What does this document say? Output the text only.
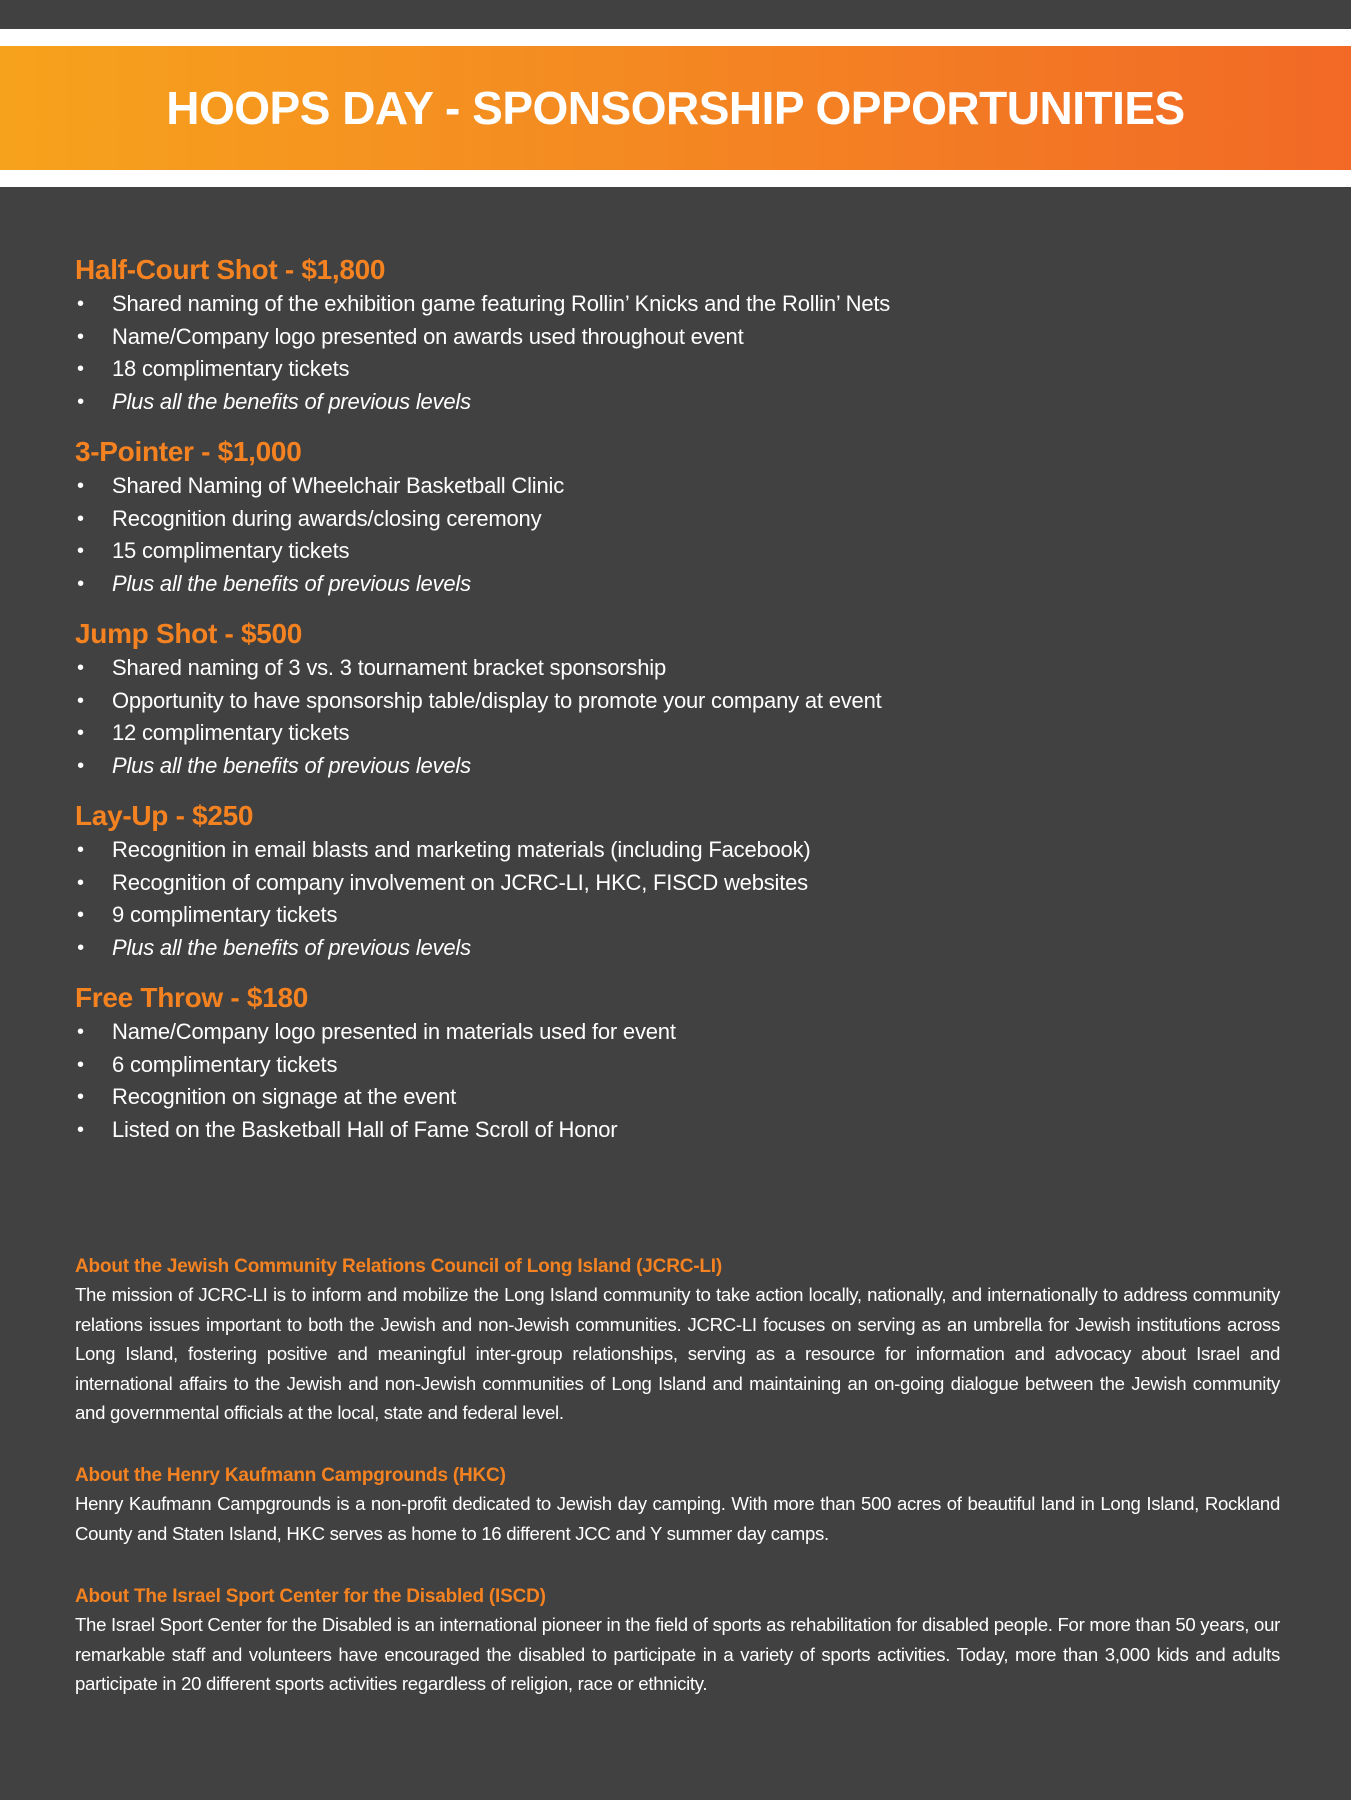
HOOPS DAY - SPONSORSHIP OPPORTUNITIES
Half-Court Shot - $1,800
• Shared naming of the exhibition game featuring Rollin’ Knicks and the Rollin’ Nets
• Name/Company logo presented on awards used throughout event
• 18 complimentary tickets
• Plus all the benefits of previous levels
3-Pointer - $1,000
• Shared Naming of Wheelchair Basketball Clinic
• Recognition during awards/closing ceremony
• 15 complimentary tickets
• Plus all the benefits of previous levels
Jump Shot - $500
• Shared naming of 3 vs. 3 tournament bracket sponsorship
• Opportunity to have sponsorship table/display to promote your company at event
• 12 complimentary tickets
• Plus all the benefits of previous levels
Lay-Up - $250
• Recognition in email blasts and marketing materials (including Facebook)
• Recognition of company involvement on JCRC-LI, HKC, FISCD websites
• 9 complimentary tickets
• Plus all the benefits of previous levels
Free Throw - $180
• Name/Company logo presented in materials used for event
• 6 complimentary tickets
• Recognition on signage at the event
• Listed on the Basketball Hall of Fame Scroll of Honor
About the Jewish Community Relations Council of Long Island (JCRC-LI)

The mission of JCRC-LI is to inform and mobilize the Long Island community to take action locally, nationally, and internationally to address community relations issues important to both the Jewish and non-Jewish communities. JCRC-LI focuses on serving as an umbrella for Jewish institutions across Long Island, fostering positive and meaningful inter-group relationships, serving as a resource for information and advocacy about Israel and international affairs to the Jewish and non-Jewish communities of Long Island and maintaining an on-going dialogue between the Jewish community and governmental officials at the local, state and federal level.

About the Henry Kaufmann Campgrounds (HKC)

Henry Kaufmann Campgrounds is a non-profit dedicated to Jewish day camping. With more than 500 acres of beautiful land in Long Island, Rockland County and Staten Island, HKC serves as home to 16 different JCC and Y summer day camps.

About The Israel Sport Center for the Disabled (ISCD)

The Israel Sport Center for the Disabled is an international pioneer in the field of sports as rehabilitation for disabled people. For more than 50 years, our remarkable staff and volunteers have encouraged the disabled to participate in a variety of sports activities. Today, more than 3,000 kids and adults participate in 20 different sports activities regardless of religion, race or ethnicity.
